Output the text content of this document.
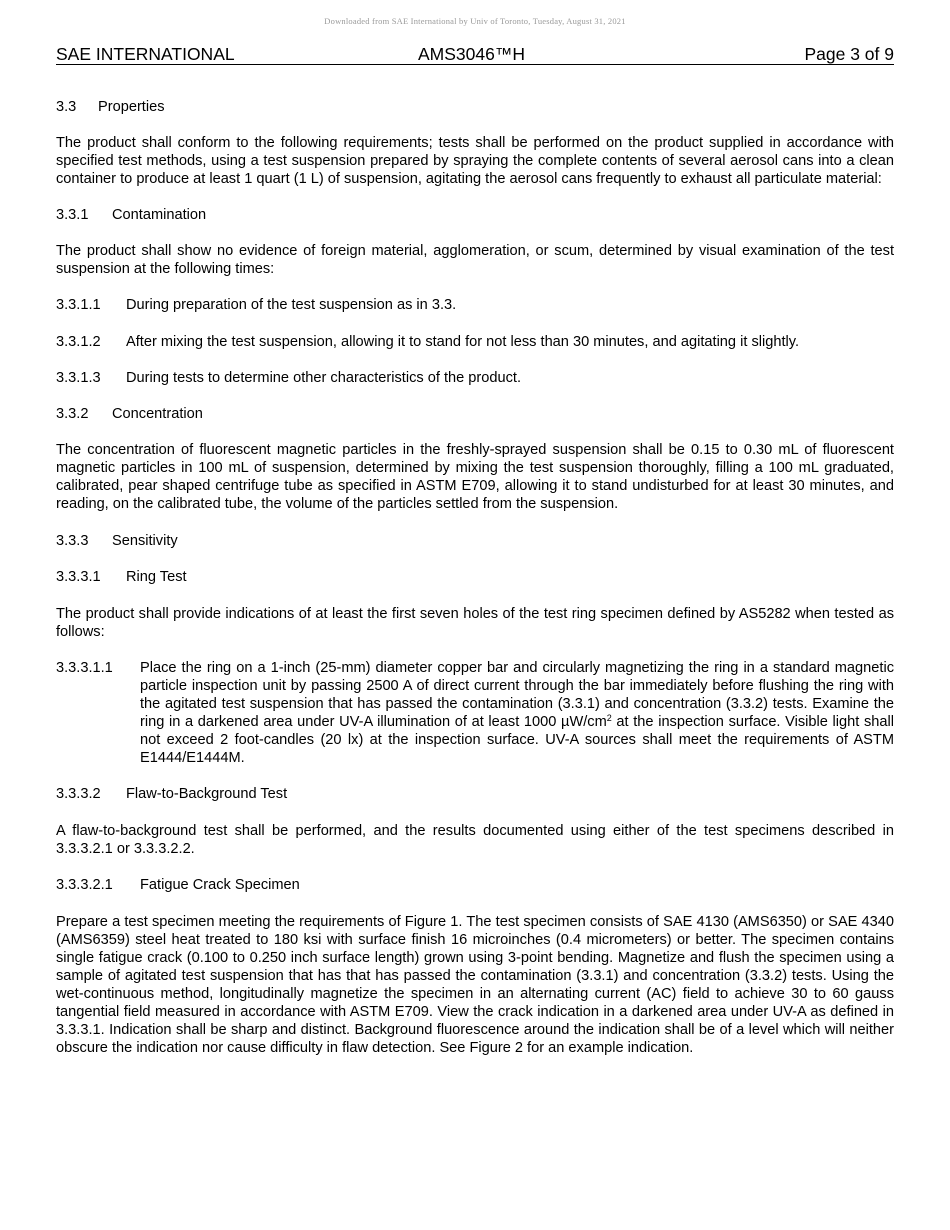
Downloaded from SAE International by Univ of Toronto, Tuesday, August 31, 2021
SAE INTERNATIONAL	AMS3046™H	Page 3 of 9
3.3	Properties

The product shall conform to the following requirements; tests shall be performed on the product supplied in accordance with specified test methods, using a test suspension prepared by spraying the complete contents of several aerosol cans into a clean container to produce at least 1 quart (1 L) of suspension, agitating the aerosol cans frequently to exhaust all particulate material:

3.3.1	Contamination

The product shall show no evidence of foreign material, agglomeration, or scum, determined by visual examination of the test suspension at the following times:

3.3.1.1	During preparation of the test suspension as in 3.3.
3.3.1.2	After mixing the test suspension, allowing it to stand for not less than 30 minutes, and agitating it slightly.
3.3.1.3	During tests to determine other characteristics of the product.
3.3.2	Concentration

The concentration of fluorescent magnetic particles in the freshly-sprayed suspension shall be 0.15 to 0.30 mL of fluorescent magnetic particles in 100 mL of suspension, determined by mixing the test suspension thoroughly, filling a 100 mL graduated, calibrated, pear shaped centrifuge tube as specified in ASTM E709, allowing it to stand undisturbed for at least 30 minutes, and reading, on the calibrated tube, the volume of the particles settled from the suspension.

3.3.3	Sensitivity
3.3.3.1	Ring Test

The product shall provide indications of at least the first seven holes of the test ring specimen defined by AS5282 when tested as follows:

3.3.3.1.1	Place the ring on a 1-inch (25-mm) diameter copper bar and circularly magnetizing the ring in a standard magnetic particle inspection unit by passing 2500 A of direct current through the bar immediately before flushing the ring with the agitated test suspension that has passed the contamination (3.3.1) and concentration (3.3.2) tests. Examine the ring in a darkened area under UV-A illumination of at least 1000 $\mu W/cm^2$ at the inspection surface. Visible light shall not exceed 2 foot-candles (20 lx) at the inspection surface. UV-A sources shall meet the requirements of ASTM E1444/E1444M.
3.3.3.2	Flaw-to-Background Test

A flaw-to-background test shall be performed, and the results documented using either of the test specimens described in 3.3.3.2.1 or 3.3.3.2.2.

3.3.3.2.1	Fatigue Crack Specimen

Prepare a test specimen meeting the requirements of Figure 1. The test specimen consists of SAE 4130 (AMS6350) or SAE 4340 (AMS6359) steel heat treated to 180 ksi with surface finish 16 microinches (0.4 micrometers) or better. The specimen contains single fatigue crack (0.100 to 0.250 inch surface length) grown using 3-point bending. Magnetize and flush the specimen using a sample of agitated test suspension that has that has passed the contamination (3.3.1) and concentration (3.3.2) tests. Using the wet-continuous method, longitudinally magnetize the specimen in an alternating current (AC) field to achieve 30 to 60 gauss tangential field measured in accordance with ASTM E709. View the crack indication in a darkened area under UV-A as defined in 3.3.3.1. Indication shall be sharp and distinct. Background fluorescence around the indication shall be of a level which will neither obscure the indication nor cause difficulty in flaw detection. See Figure 2 for an example indication.
